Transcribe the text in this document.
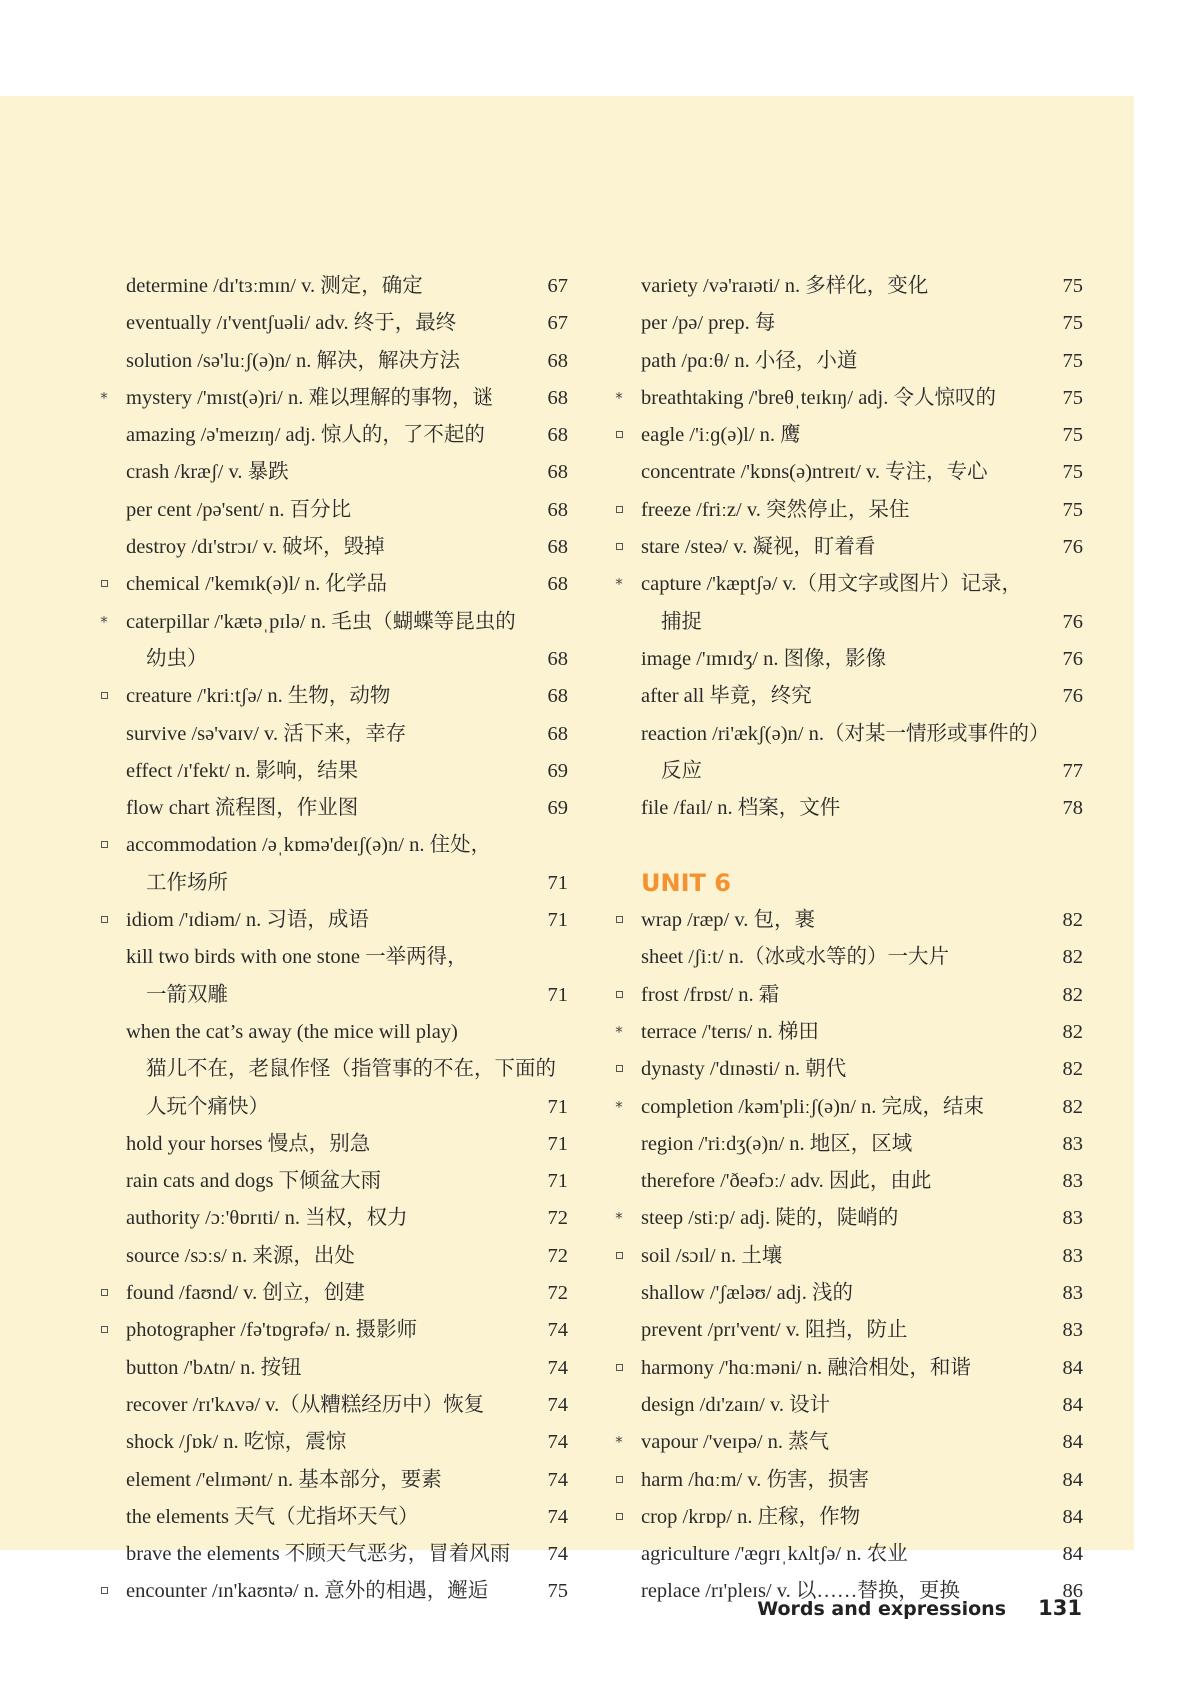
determine /dɪ'tɜːmɪn/ v. 测定，确定	67
eventually /ɪ'ventʃuəli/ adv. 终于，最终	67
solution /sə'luːʃ(ə)n/ n. 解决，解决方法	68
*
mystery /'mɪst(ə)ri/ n. 难以理解的事物，谜	68
amazing /ə'meɪzɪŋ/ adj. 惊人的，了不起的	68
crash /kræʃ/ v. 暴跌	68
per cent /pə'sent/ n. 百分比	68
destroy /dɪ'strɔɪ/ v. 破坏，毁掉	68
chemical /'kemɪk(ə)l/ n. 化学品	68
*
caterpillar /'kætəˌpɪlə/ n. 毛虫（蝴蝶等昆虫的
幼虫）	68
creature /'kriːtʃə/ n. 生物，动物	68
survive /sə'vaɪv/ v. 活下来，幸存	68
effect /ɪ'fekt/ n. 影响，结果	69
flow chart 流程图，作业图	69
accommodation /əˌkɒmə'deɪʃ(ə)n/ n. 住处，
工作场所	71
idiom /'ɪdiəm/ n. 习语，成语	71
kill two birds with one stone 一举两得，
一箭双雕	71
when the cat’s away (the mice will play)
猫儿不在，老鼠作怪（指管事的不在，下面的
人玩个痛快）	71
hold your horses 慢点，别急	71
rain cats and dogs 下倾盆大雨	71
authority /ɔː'θɒrɪti/ n. 当权，权力	72
source /sɔːs/ n. 来源，出处	72
found /faʊnd/ v. 创立，创建	72
photographer /fə'tɒɡrəfə/ n. 摄影师	74
button /'bʌtn/ n. 按钮	74
recover /rɪ'kʌvə/ v.（从糟糕经历中）恢复	74
shock /ʃɒk/ n. 吃惊，震惊	74
element /'elɪmənt/ n. 基本部分，要素	74
the elements 天气（尤指坏天气）	74
brave the elements 不顾天气恶劣，冒着风雨	74
encounter /ɪn'kaʊntə/ n. 意外的相遇，邂逅	75
variety /və'raɪəti/ n. 多样化，变化	75
per /pə/ prep. 每	75
path /pɑːθ/ n. 小径，小道	75
*
breathtaking /'breθˌteɪkɪŋ/ adj. 令人惊叹的	75
eagle /'iːɡ(ə)l/ n. 鹰	75
concentrate /'kɒns(ə)ntreɪt/ v. 专注，专心	75
freeze /friːz/ v. 突然停止，呆住	75
stare /steə/ v. 凝视，盯着看	76
*
capture /'kæptʃə/ v.（用文字或图片）记录，
捕捉	76
image /'ɪmɪdʒ/ n. 图像，影像	76
after all 毕竟，终究	76
reaction /ri'ækʃ(ə)n/ n.（对某一情形或事件的）
反应	77
file /faɪl/ n. 档案，文件	78
UNIT 6
wrap /ræp/ v. 包，裹	82
sheet /ʃiːt/ n.（冰或水等的）一大片	82
frost /frɒst/ n. 霜	82
*
terrace /'terɪs/ n. 梯田	82
dynasty /'dɪnəsti/ n. 朝代	82
*
completion /kəm'pliːʃ(ə)n/ n. 完成，结束	82
region /'riːdʒ(ə)n/ n. 地区，区域	83
therefore /'ðeəfɔː/ adv. 因此，由此	83
*
steep /stiːp/ adj. 陡的，陡峭的	83
soil /sɔɪl/ n. 土壤	83
shallow /'ʃæləʊ/ adj. 浅的	83
prevent /prɪ'vent/ v. 阻挡，防止	83
harmony /'hɑːməni/ n. 融洽相处，和谐	84
design /dɪ'zaɪn/ v. 设计	84
*
vapour /'veɪpə/ n. 蒸气	84
harm /hɑːm/ v. 伤害，损害	84
crop /krɒp/ n. 庄稼，作物	84
agriculture /'æɡrɪˌkʌltʃə/ n. 农业	84
replace /rɪ'pleɪs/ v. 以……替换，更换	86
Words and expressions 131
